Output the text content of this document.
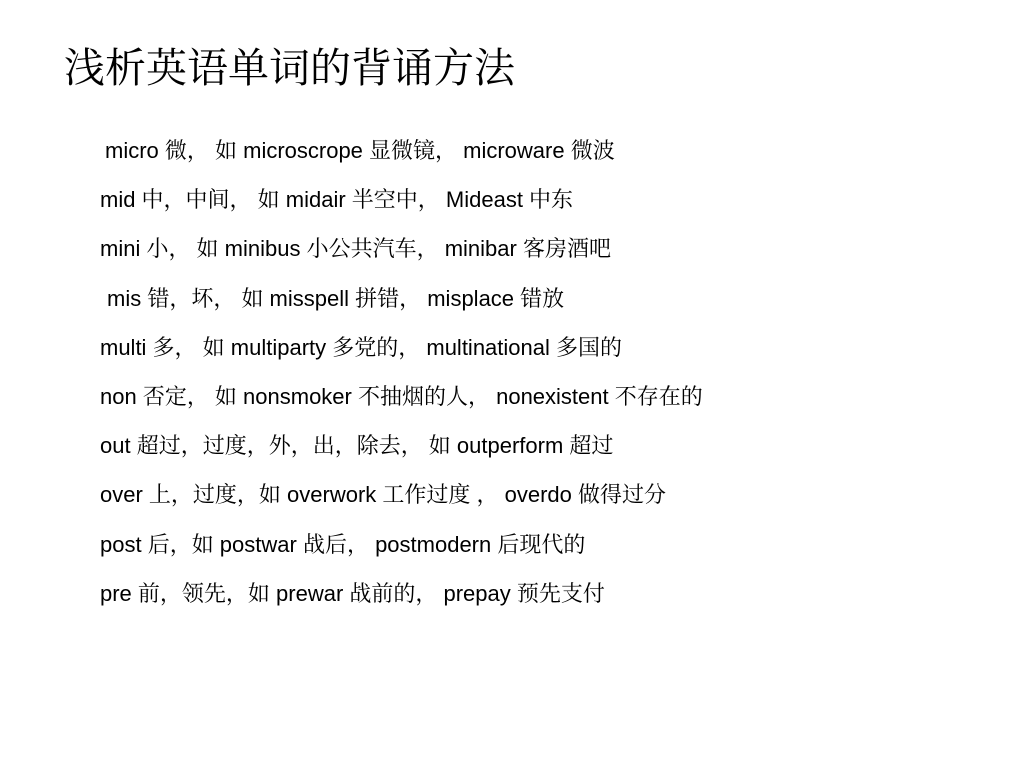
浅析英语单词的背诵方法
micro 微， 如 microscrope 显微镜， microware 微波
mid 中，中间， 如 midair 半空中， Mideast 中东
mini 小， 如 minibus 小公共汽车， minibar 客房酒吧
mis 错，坏， 如 misspell 拼错， misplace 错放
multi 多， 如 multiparty 多党的， multinational 多国的
non 否定， 如 nonsmoker 不抽烟的人， nonexistent 不存在的
out 超过，过度，外，出，除去， 如 outperform 超过
over 上，过度，如 overwork 工作过度 ， overdo 做得过分
post 后，如 postwar 战后， postmodern 后现代的
pre 前，领先，如 prewar 战前的， prepay 预先支付
